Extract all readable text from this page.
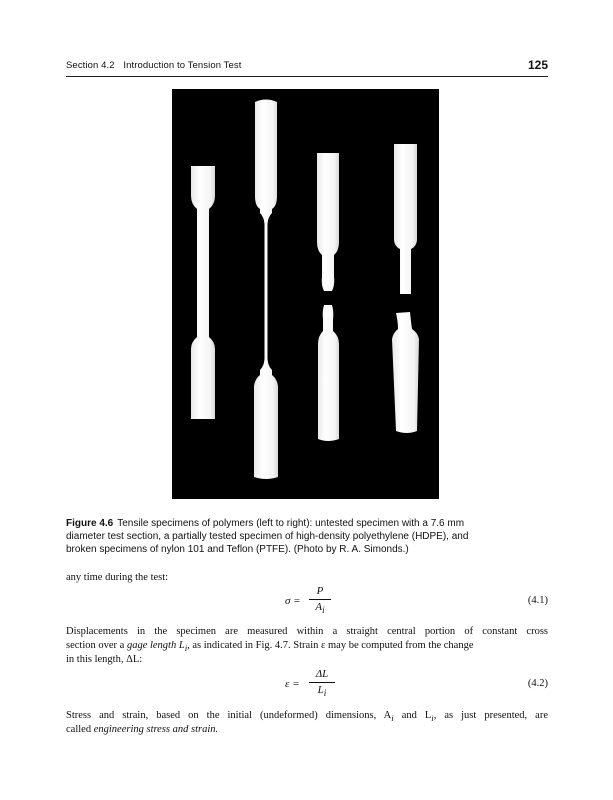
Section 4.2 Introduction to Tension Test	125
Figure 4.6 Tensile specimens of polymers (left to right): untested specimen with a 7.6 mm
diameter test section, a partially tested specimen of high-density polyethylene (HDPE), and
broken specimens of nylon 101 and Teflon (PTFE). (Photo by R. A. Simonds.)
any time during the test:
σ =
P
$A_i$
(4.1)
Displacements in the specimen are measured within a straight central portion of constant cross
section over a gage length $L_i$, as indicated in Fig. 4.7. Strain ε may be computed from the change
in this length, ΔL:
ε =
ΔL
$L_i$
(4.2)
Stress and strain, based on the initial (undeformed) dimensions, $A_i$ and $L_i$, as just presented, are
called engineering stress and strain.
